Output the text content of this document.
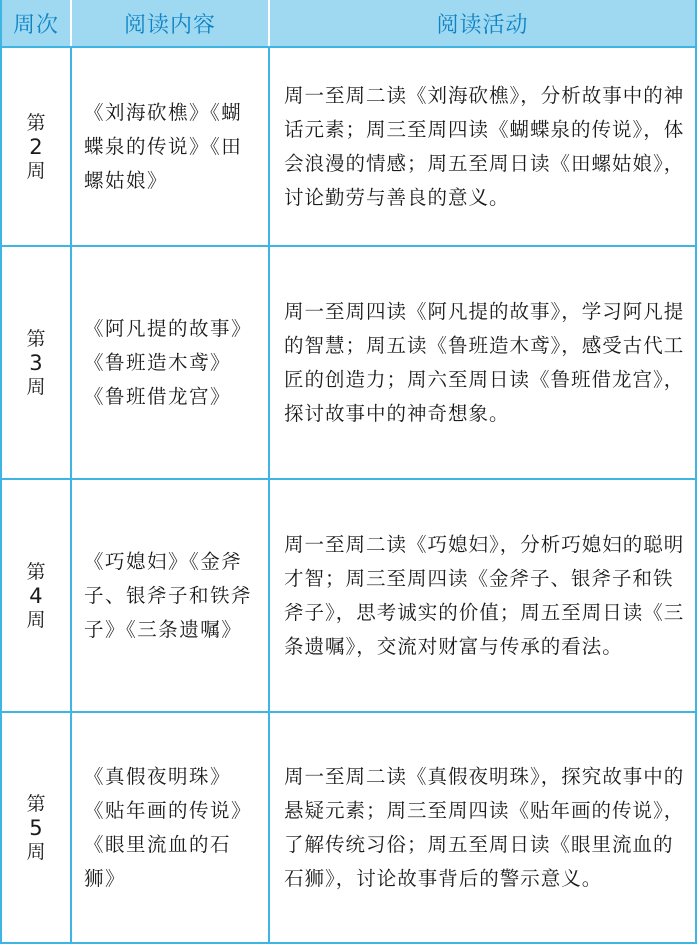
周次	阅读内容	阅读活动
第
2
周
《刘海砍樵》《蝴蝶泉的传说》《田螺姑娘》
周一至周二读《刘海砍樵》，分析故事中的神话元素；周三至周四读《蝴蝶泉的传说》，体会浪漫的情感；周五至周日读《田螺姑娘》，讨论勤劳与善良的意义。
第
3
周
《阿凡提的故事》《鲁班造木鸢》《鲁班借龙宫》
周一至周四读《阿凡提的故事》，学习阿凡提的智慧；周五读《鲁班造木鸢》，感受古代工匠的创造力；周六至周日读《鲁班借龙宫》，探讨故事中的神奇想象。
第
4
周
《巧媳妇》《金斧子、银斧子和铁斧子》《三条遗嘱》
周一至周二读《巧媳妇》，分析巧媳妇的聪明才智；周三至周四读《金斧子、银斧子和铁斧子》，思考诚实的价值；周五至周日读《三条遗嘱》，交流对财富与传承的看法。
第
5
周
《真假夜明珠》《贴年画的传说》《眼里流血的石狮》
周一至周二读《真假夜明珠》，探究故事中的悬疑元素；周三至周四读《贴年画的传说》，了解传统习俗；周五至周日读《眼里流血的石狮》，讨论故事背后的警示意义。
